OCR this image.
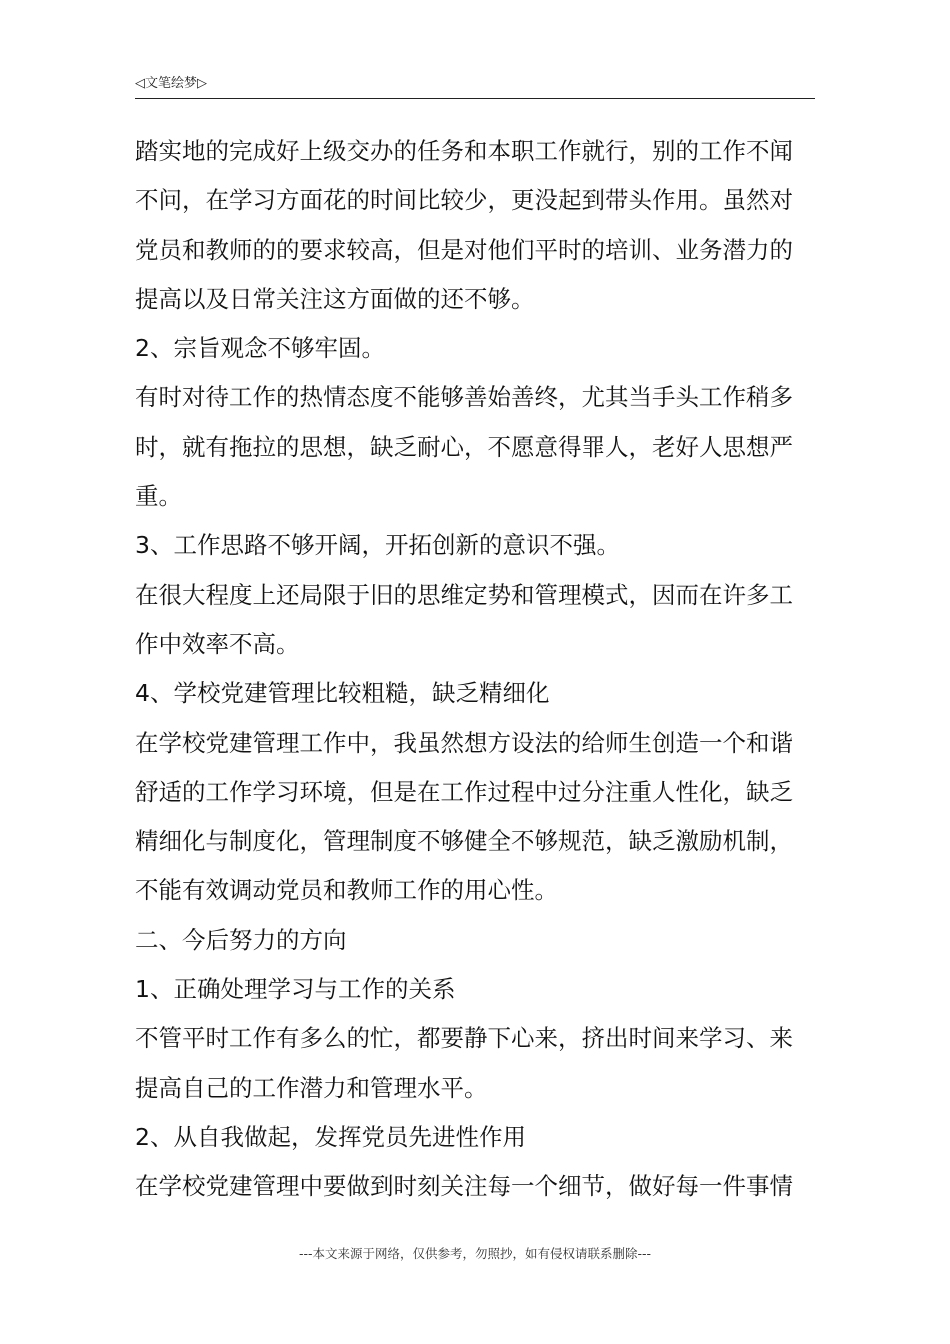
◁文笔绘梦▷
踏实地的完成好上级交办的任务和本职工作就行，别的工作不闻
不问，在学习方面花的时间比较少，更没起到带头作用。虽然对
党员和教师的的要求较高，但是对他们平时的培训、业务潜力的
提高以及日常关注这方面做的还不够。
2、宗旨观念不够牢固。
有时对待工作的热情态度不能够善始善终，尤其当手头工作稍多
时，就有拖拉的思想，缺乏耐心，不愿意得罪人，老好人思想严
重。
3、工作思路不够开阔，开拓创新的意识不强。
在很大程度上还局限于旧的思维定势和管理模式，因而在许多工
作中效率不高。
4、学校党建管理比较粗糙，缺乏精细化
在学校党建管理工作中，我虽然想方设法的给师生创造一个和谐
舒适的工作学习环境，但是在工作过程中过分注重人性化，缺乏
精细化与制度化，管理制度不够健全不够规范，缺乏激励机制，
不能有效调动党员和教师工作的用心性。
二、今后努力的方向
1、正确处理学习与工作的关系
不管平时工作有多么的忙，都要静下心来，挤出时间来学习、来
提高自己的工作潜力和管理水平。
2、从自我做起，发挥党员先进性作用
在学校党建管理中要做到时刻关注每一个细节，做好每一件事情
---本文来源于网络，仅供参考，勿照抄，如有侵权请联系删除---
